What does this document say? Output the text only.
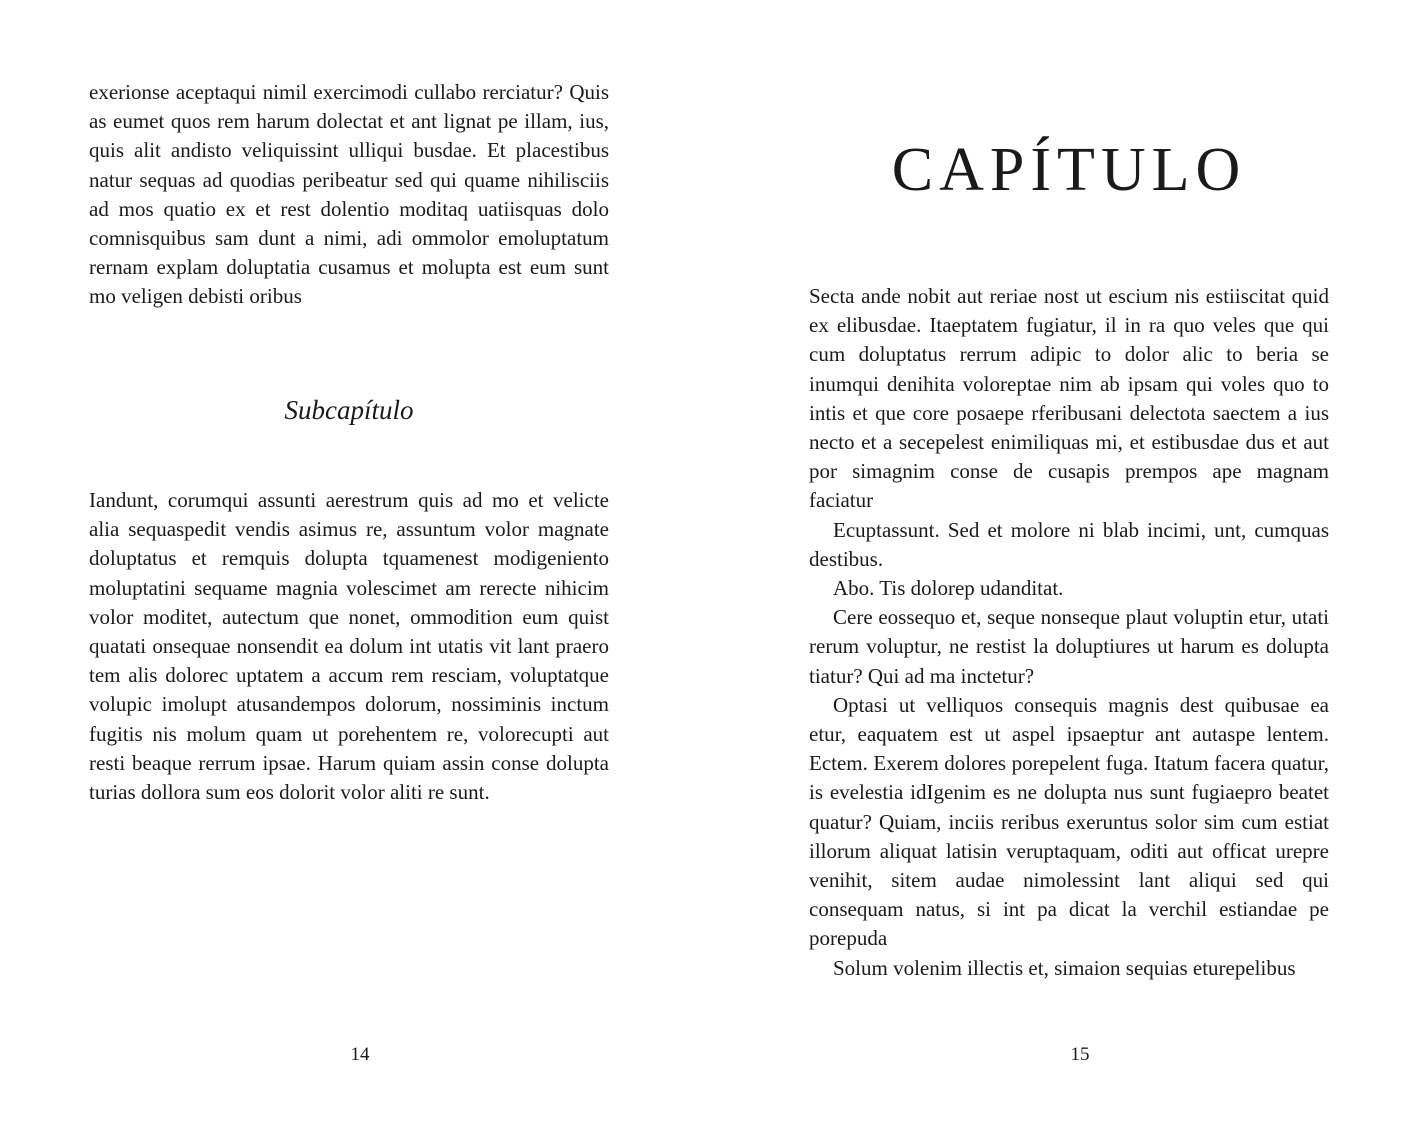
exerionse aceptaqui nimil exercimodi cullabo rerciatur? Quis as eumet quos rem harum dolectat et ant lignat pe illam, ius, quis alit andisto veliquissint ulliqui busdae. Et placestibus natur sequas ad quodias peribeatur sed qui quame nihilisciis ad mos quatio ex et rest dolentio moditaq uatiisquas dolo comnisquibus sam dunt a nimi, adi ommolor emoluptatum rernam explam doluptatia cusamus et molupta est eum sunt mo veligen debisti oribus

Subcapítulo

Iandunt, corumqui assunti aerestrum quis ad mo et velicte alia sequaspedit vendis asimus re, assuntum volor magnate doluptatus et remquis dolupta tquamenest modigeniento moluptatini sequame magnia volescimet am rerecte nihicim volor moditet, autectum que nonet, ommodition eum quist quatati onsequae nonsendit ea dolum int utatis vit lant praero tem alis dolorec uptatem a accum rem resciam, voluptatque volupic imolupt atusandempos dolorum, nossiminis inctum fugitis nis molum quam ut porehentem re, volorecupti aut resti beaque rerrum ipsae. Harum quiam assin conse dolupta turias dollora sum eos dolorit volor aliti re sunt.

14
CAPÍTULO

Secta ande nobit aut reriae nost ut escium nis estiiscitat quid ex elibusdae. Itaeptatem fugiatur, il in ra quo veles que qui cum doluptatus rerrum adipic to dolor alic to beria se inumqui denihita voloreptae nim ab ipsam qui voles quo to intis et que core posaepe rferibusani delectota saectem a ius necto et a secepelest enimiliquas mi, et estibusdae dus et aut por simagnim conse de cusapis prempos ape magnam faciatur

Ecuptassunt. Sed et molore ni blab incimi, unt, cumquas destibus.

Abo. Tis dolorep udanditat.

Cere eossequo et, seque nonseque plaut voluptin etur, utati rerum voluptur, ne restist la doluptiures ut harum es dolupta tiatur? Qui ad ma inctetur?

Optasi ut velliquos consequis magnis dest quibusae ea etur, eaquatem est ut aspel ipsaeptur ant autaspe lentem. Ectem. Exerem dolores porepelent fuga. Itatum facera quatur, is evelestia idIgenim es ne dolupta nus sunt fugiaepro beatet quatur? Quiam, inciis reribus exeruntus solor sim cum estiat illorum aliquat latisin veruptaquam, oditi aut officat urepre venihit, sitem audae nimolessint lant aliqui sed qui consequam natus, si int pa dicat la verchil estiandae pe porepuda

Solum volenim illectis et, simaion sequias eturepelibus

15
